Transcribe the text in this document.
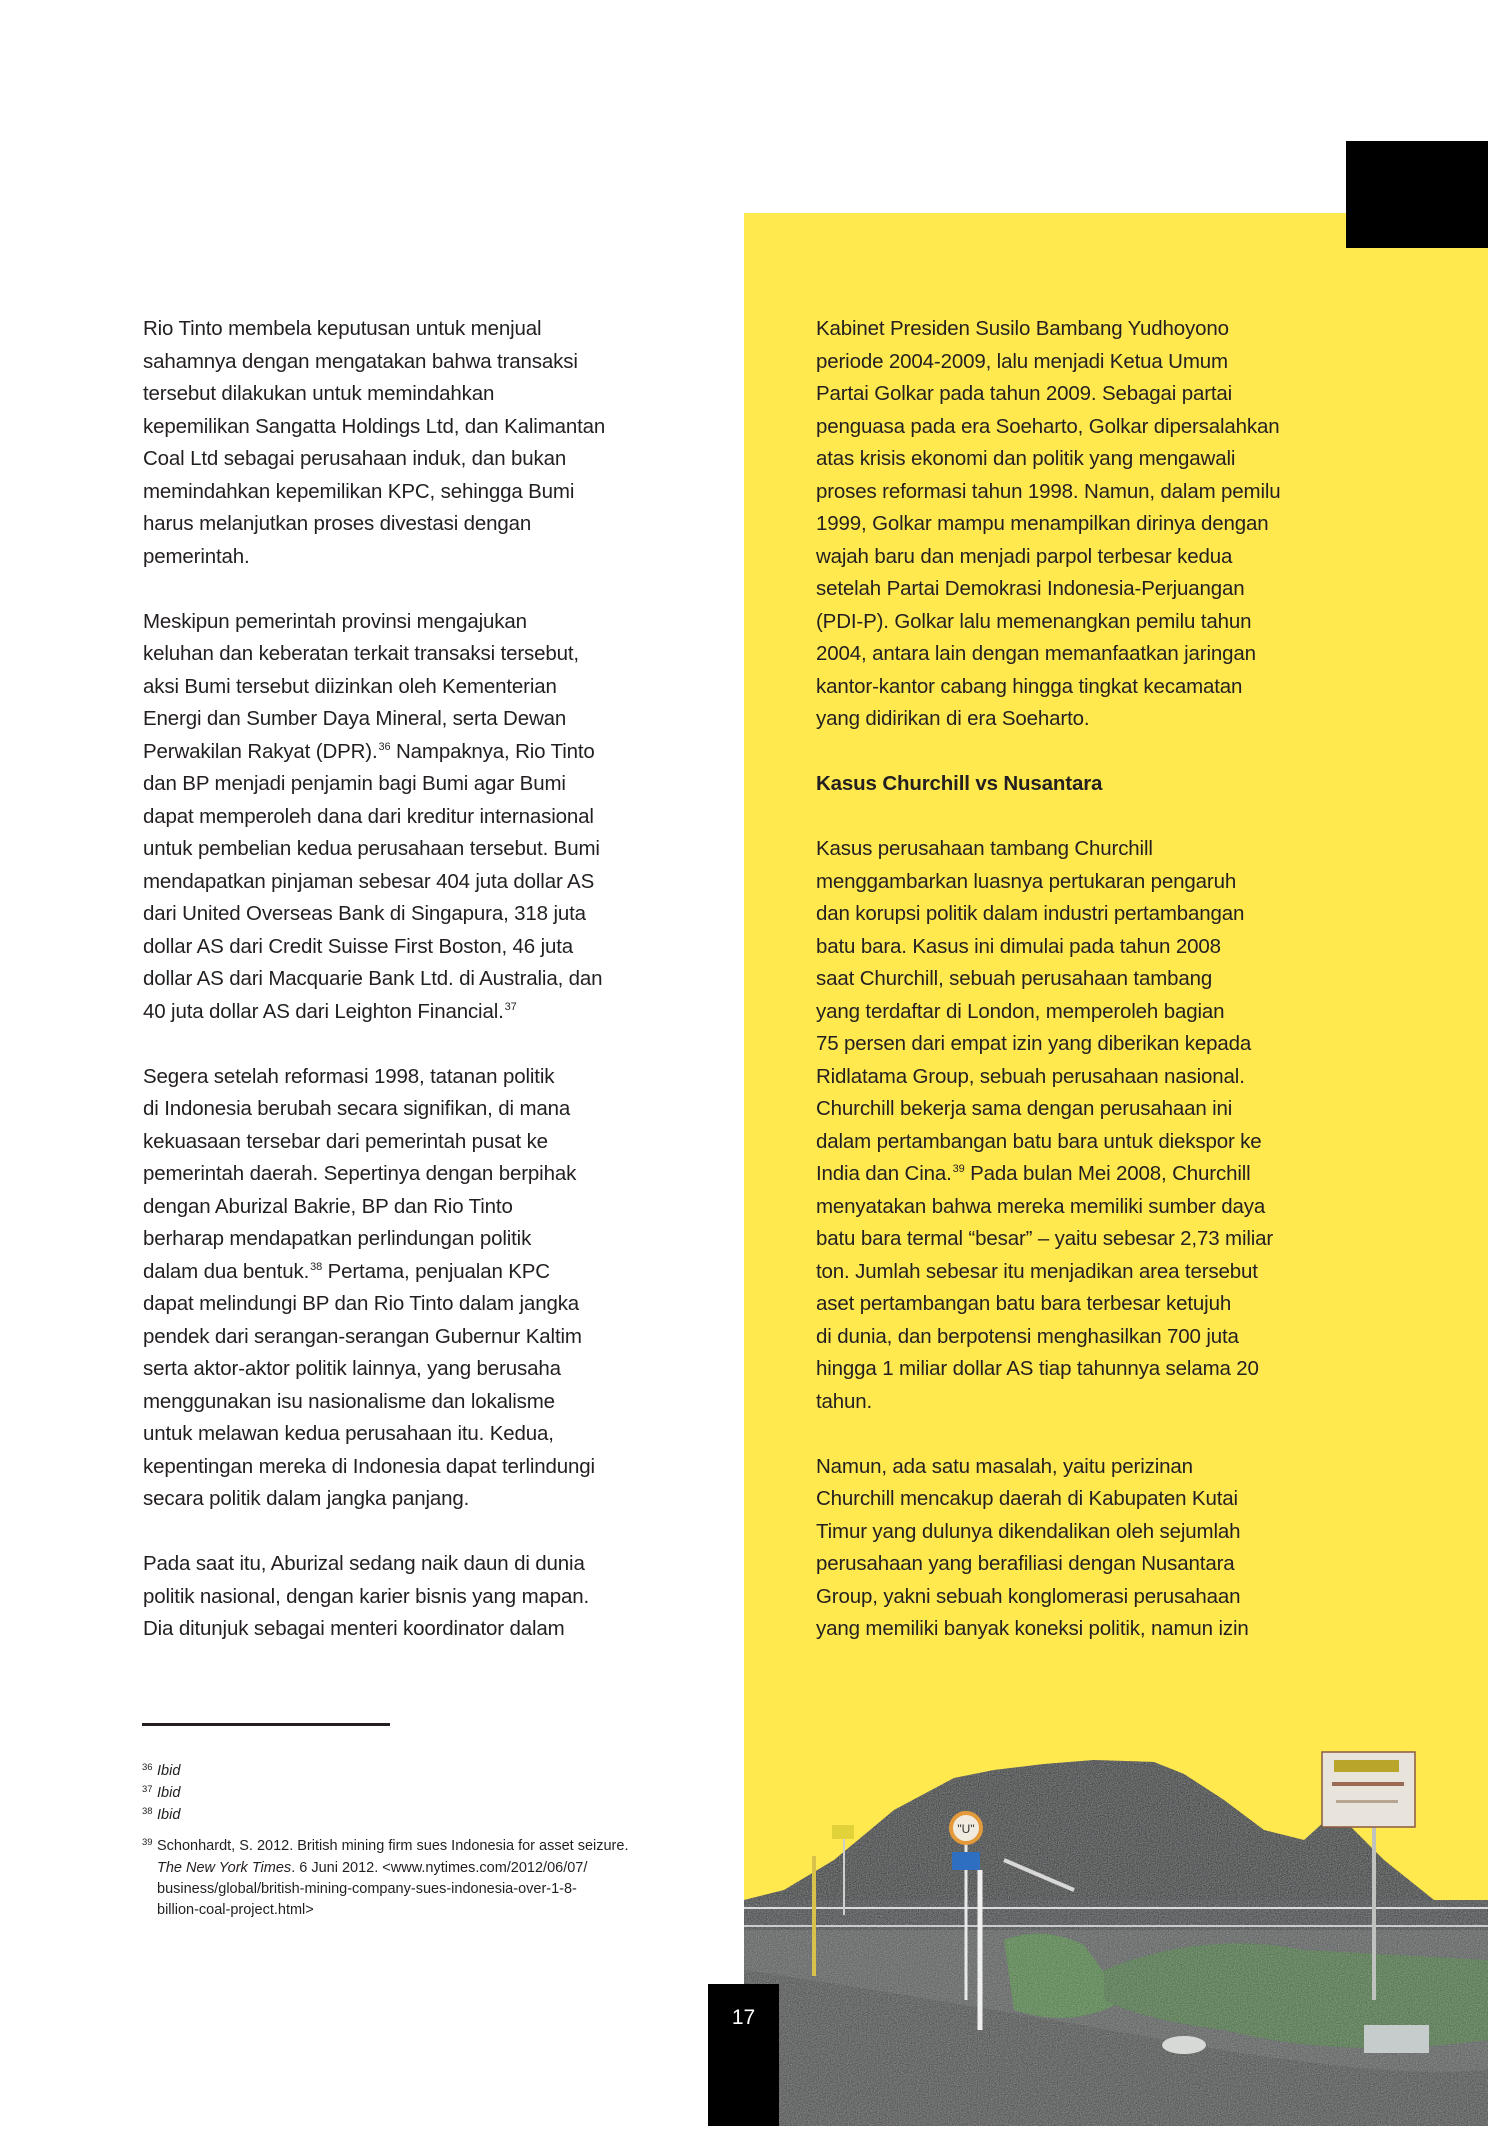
Rio Tinto membela keputusan untuk menjual
sahamnya dengan mengatakan bahwa transaksi
tersebut dilakukan untuk memindahkan
kepemilikan Sangatta Holdings Ltd, dan Kalimantan
Coal Ltd sebagai perusahaan induk, dan bukan
memindahkan kepemilikan KPC, sehingga Bumi
harus melanjutkan proses divestasi dengan
pemerintah.
Meskipun pemerintah provinsi mengajukan
keluhan dan keberatan terkait transaksi tersebut,
aksi Bumi tersebut diizinkan oleh Kementerian
Energi dan Sumber Daya Mineral, serta Dewan
Perwakilan Rakyat (DPR).$^{36}$ Nampaknya, Rio Tinto
dan BP menjadi penjamin bagi Bumi agar Bumi
dapat memperoleh dana dari kreditur internasional
untuk pembelian kedua perusahaan tersebut. Bumi
mendapatkan pinjaman sebesar 404 juta dollar AS
dari United Overseas Bank di Singapura, 318 juta
dollar AS dari Credit Suisse First Boston, 46 juta
dollar AS dari Macquarie Bank Ltd. di Australia, dan
40 juta dollar AS dari Leighton Financial.$^{37}$
Segera setelah reformasi 1998, tatanan politik
di Indonesia berubah secara signifikan, di mana
kekuasaan tersebar dari pemerintah pusat ke
pemerintah daerah. Sepertinya dengan berpihak
dengan Aburizal Bakrie, BP dan Rio Tinto
berharap mendapatkan perlindungan politik
dalam dua bentuk.$^{38}$ Pertama, penjualan KPC
dapat melindungi BP dan Rio Tinto dalam jangka
pendek dari serangan-serangan Gubernur Kaltim
serta aktor-aktor politik lainnya, yang berusaha
menggunakan isu nasionalisme dan lokalisme
untuk melawan kedua perusahaan itu. Kedua,
kepentingan mereka di Indonesia dapat terlindungi
secara politik dalam jangka panjang.
Pada saat itu, Aburizal sedang naik daun di dunia
politik nasional, dengan karier bisnis yang mapan.
Dia ditunjuk sebagai menteri koordinator dalam
Kabinet Presiden Susilo Bambang Yudhoyono
periode 2004-2009, lalu menjadi Ketua Umum
Partai Golkar pada tahun 2009. Sebagai partai
penguasa pada era Soeharto, Golkar dipersalahkan
atas krisis ekonomi dan politik yang mengawali
proses reformasi tahun 1998. Namun, dalam pemilu
1999, Golkar mampu menampilkan dirinya dengan
wajah baru dan menjadi parpol terbesar kedua
setelah Partai Demokrasi Indonesia-Perjuangan
(PDI-P). Golkar lalu memenangkan pemilu tahun
2004, antara lain dengan memanfaatkan jaringan
kantor-kantor cabang hingga tingkat kecamatan
yang didirikan di era Soeharto.
Kasus Churchill vs Nusantara
Kasus perusahaan tambang Churchill
menggambarkan luasnya pertukaran pengaruh
dan korupsi politik dalam industri pertambangan
batu bara. Kasus ini dimulai pada tahun 2008
saat Churchill, sebuah perusahaan tambang
yang terdaftar di London, memperoleh bagian
75 persen dari empat izin yang diberikan kepada
Ridlatama Group, sebuah perusahaan nasional.
Churchill bekerja sama dengan perusahaan ini
dalam pertambangan batu bara untuk diekspor ke
India dan Cina.$^{39}$ Pada bulan Mei 2008, Churchill
menyatakan bahwa mereka memiliki sumber daya
batu bara termal “besar” – yaitu sebesar 2,73 miliar
ton. Jumlah sebesar itu menjadikan area tersebut
aset pertambangan batu bara terbesar ketujuh
di dunia, dan berpotensi menghasilkan 700 juta
hingga 1 miliar dollar AS tiap tahunnya selama 20
tahun.
Namun, ada satu masalah, yaitu perizinan
Churchill mencakup daerah di Kabupaten Kutai
Timur yang dulunya dikendalikan oleh sejumlah
perusahaan yang berafiliasi dengan Nusantara
Group, yakni sebuah konglomerasi perusahaan
yang memiliki banyak koneksi politik, namun izin
36 Ibid
37 Ibid
38 Ibid
39 Schonhardt, S. 2012. British mining firm sues Indonesia for asset seizure.
The New York Times. 6 Juni 2012. <www.nytimes.com/2012/06/07/
business/global/british-mining-company-sues-indonesia-over-1-8-
billion-coal-project.html>
"U"
17
